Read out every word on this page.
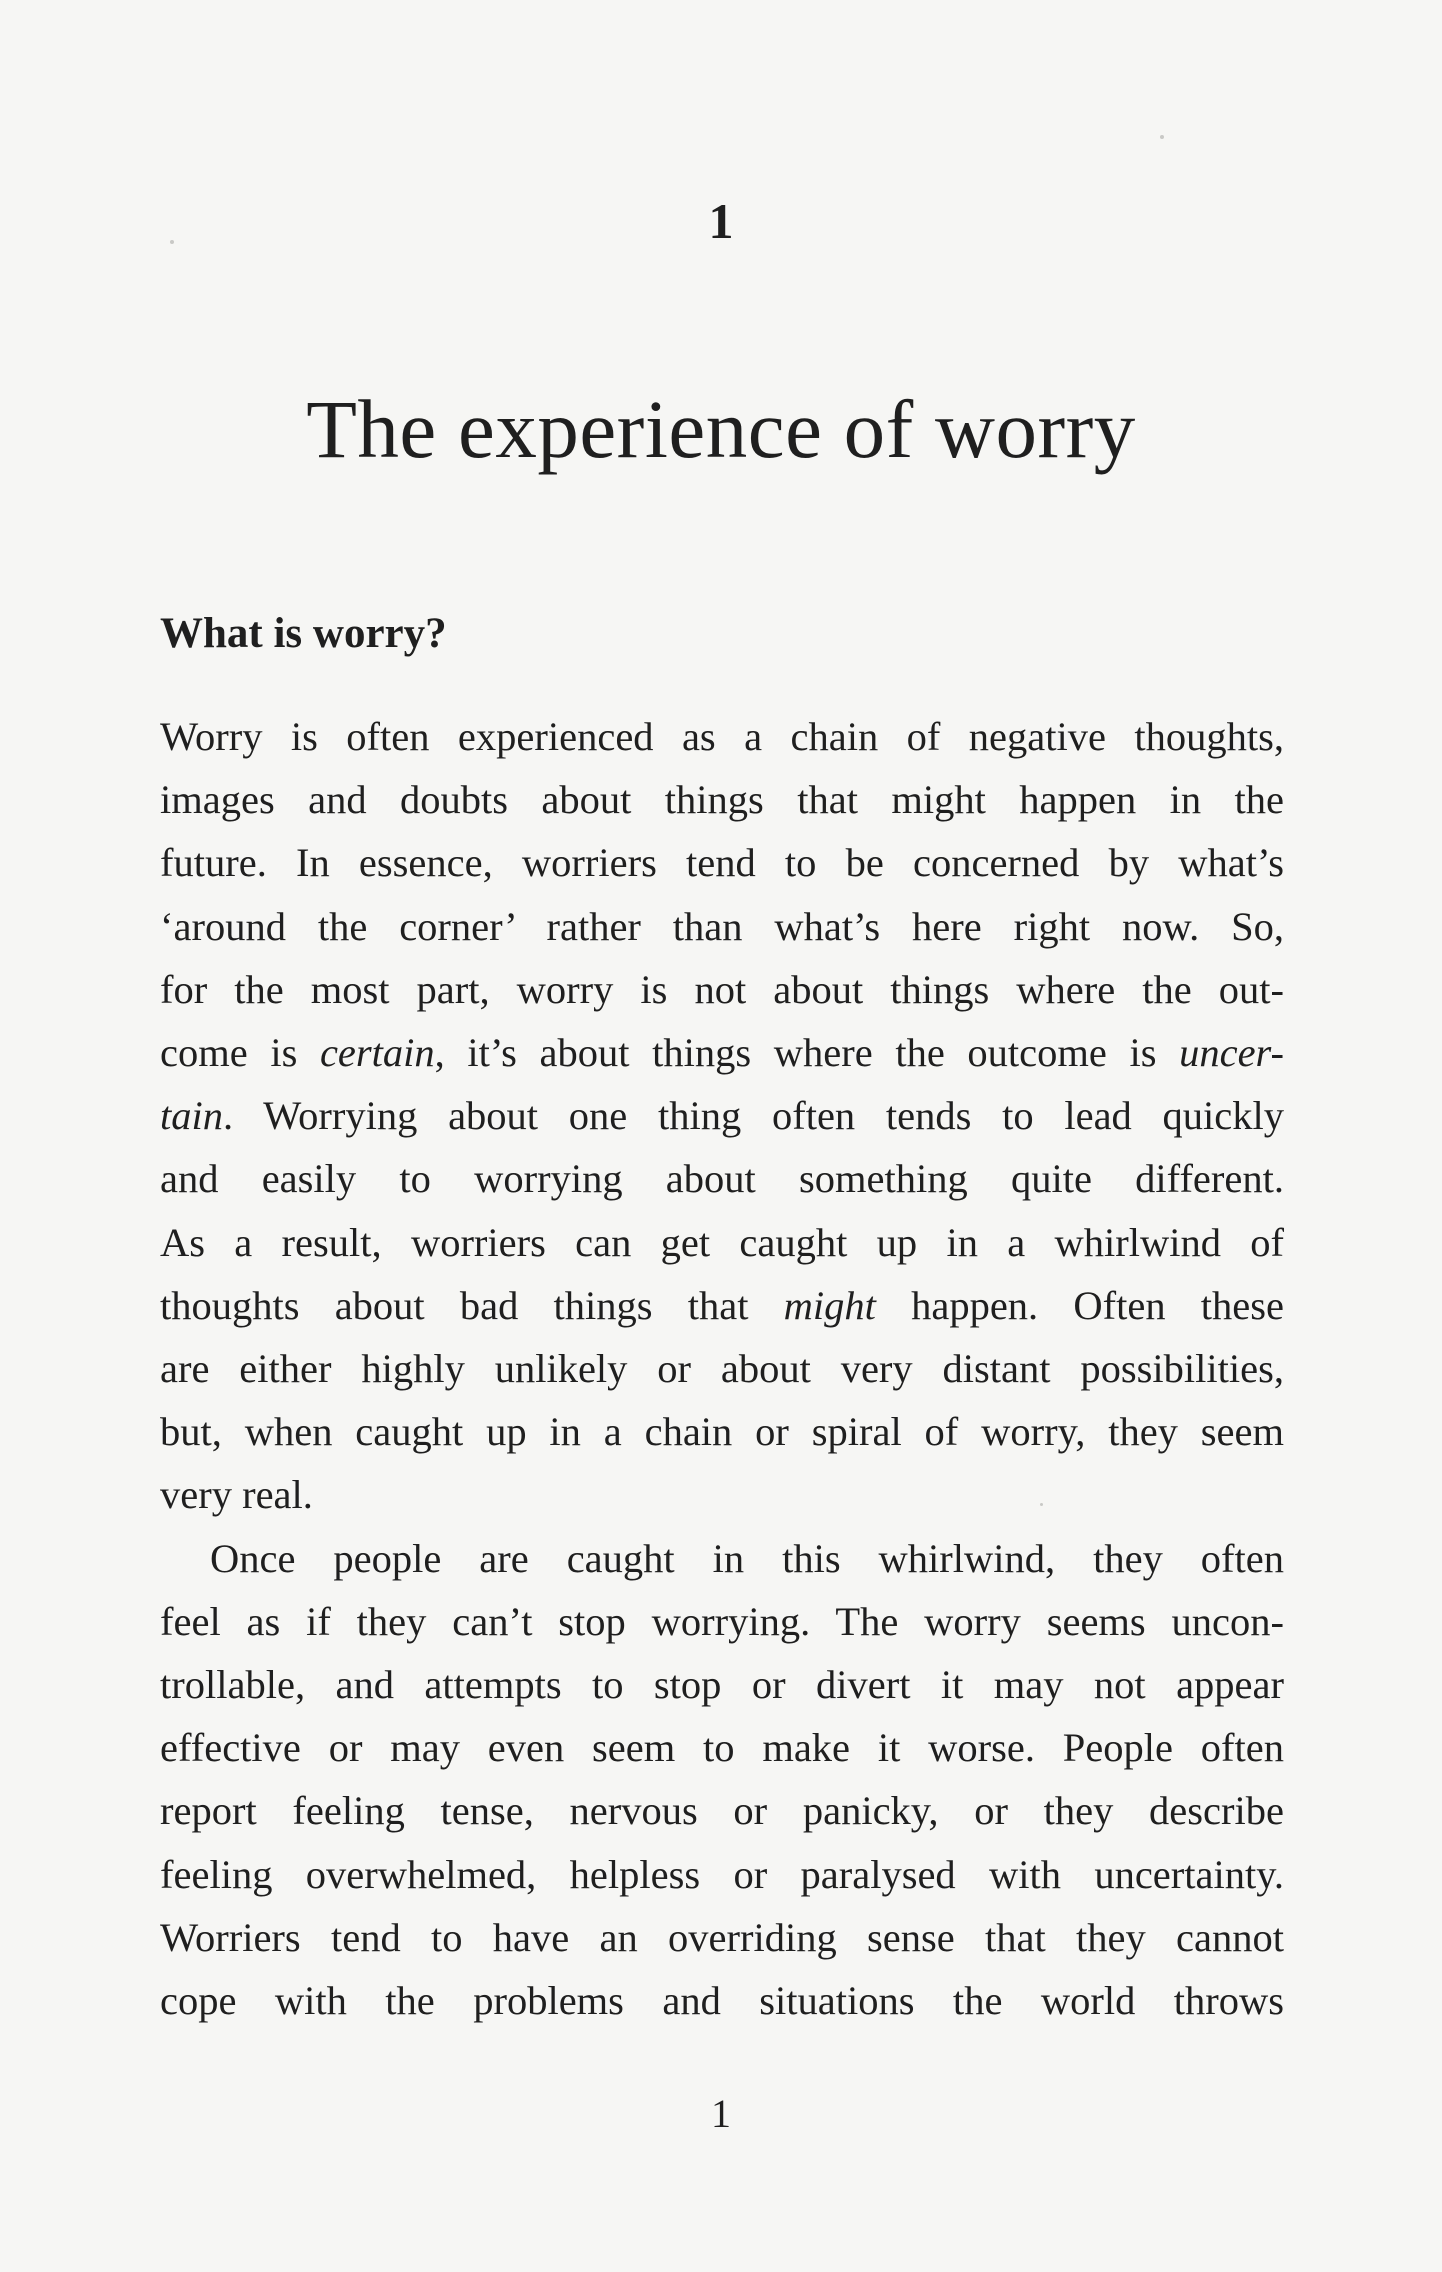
1
The experience of worry
What is worry?
Worry is often experienced as a chain of negative thoughts,
images and doubts about things that might happen in the
future. In essence, worriers tend to be concerned by what’s
‘around the corner’ rather than what’s here right now. So,
for the most part, worry is not about things where the out-
come is certain, it’s about things where the outcome is uncer-
tain. Worrying about one thing often tends to lead quickly
and easily to worrying about something quite different.
As a result, worriers can get caught up in a whirlwind of
thoughts about bad things that might happen. Often these
are either highly unlikely or about very distant possibilities,
but, when caught up in a chain or spiral of worry, they seem
very real.
Once people are caught in this whirlwind, they often
feel as if they can’t stop worrying. The worry seems uncon-
trollable, and attempts to stop or divert it may not appear
effective or may even seem to make it worse. People often
report feeling tense, nervous or panicky, or they describe
feeling overwhelmed, helpless or paralysed with uncertainty.
Worriers tend to have an overriding sense that they cannot
cope with the problems and situations the world throws
1
